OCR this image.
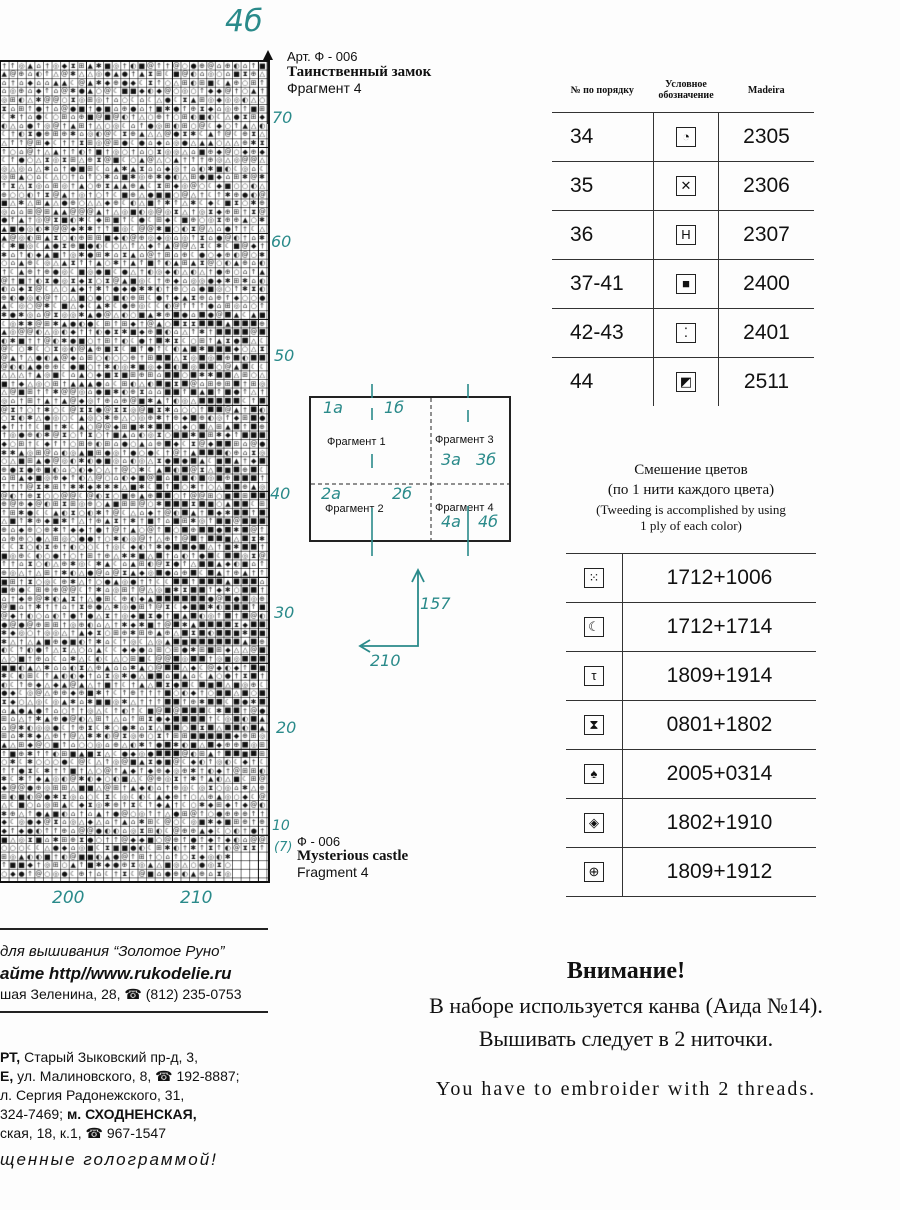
4б
Арт. Ф - 006
Таинственный замок
Фрагмент 4
70
60
50
40
30
20
10
(7) Ф - 006
Mysterious castle
Fragment 4
200	210
№ по порядку	Условное обозначение	Madeira
34	◔	2305
35	✕	2306
36	H	2307
37-41	■	2400
42-43	⁚	2401
44	◩	2511
Фрагмент 1
Фрагмент 2
Фрагмент 3
Фрагмент 4
1а	1б
3а 3б
2а	2б
4а 4б
157
210
Смешение цветов
(по 1 нити каждого цвета)
(Tweeding is accomplished by using
1 ply of each color)
⁙	1712+1006
☾	1712+1714
τ	1809+1914
⧗	0801+1802
♠	2005+0314
◈	1802+1910
⊕	1809+1912
для вышивания “Золотое Руно”
айте http//www.rukodelie.ru
шая Зеленина, 28, ☎ (812) 235-0753
РТ, Старый Зыковский пр-д, 3,
Е, ул. Малиновского, 8, ☎ 192-8887;
л. Сергия Радонежского, 31,
324-7469; м. СХОДНЕНСКАЯ,
ская, 18, к.1, ☎ 967-1547
щенные голограммой!
Внимание!
В наборе используется канва (Аида №14).
Вышивать следует в 2 ниточки.
You have to embroider with 2 threads.
